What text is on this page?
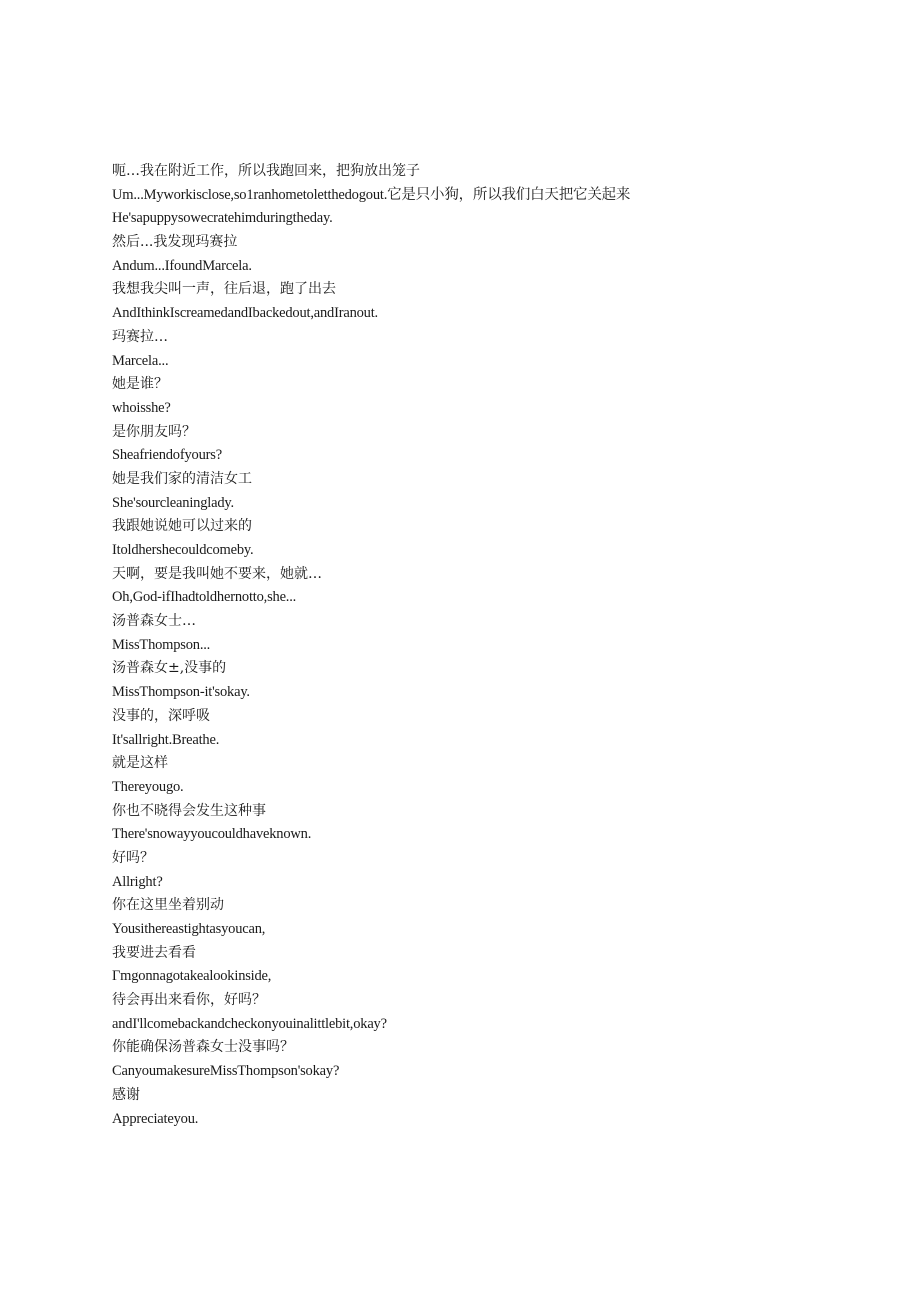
呃…我在附近工作，所以我跑回来，把狗放出笼子
Um...Myworkisclose,so1ranhometoletthedogout.它是只小狗，所以我们白天把它关起来
He'sapuppysowecratehimduringtheday.
然后...我发现玛赛拉
Andum...IfoundMarcela.
我想我尖叫一声，往后退，跑了出去
AndIthinkIscreamedandIbackedout,andIranout.
玛赛拉…
Marcela...
她是谁？
whoisshe?
是你朋友吗？
Sheafriendofyours?
她是我们家的清洁女工
She'sourcleaninglady.
我跟她说她可以过来的
Itoldhershecouldcomeby.
天啊，要是我叫她不要来，她就…
Oh,God-ifIhadtoldhernotto,she...
汤普森女士…
MissThompson...
汤普森女±,没事的
MissThompson-it'sokay.
没事的，深呼吸
It'sallright.Breathe.
就是这样
Thereyougo.
你也不晓得会发生这种事
There'snowayyoucouldhaveknown.
好吗？
Allright?
你在这里坐着别动
Yousithereastightasyoucan,
我要进去看看
Γmgonnagotakealookinside,
待会再出来看你，好吗？
andI'llcomebackandcheckonyouinalittlebit,okay?
你能确保汤普森女士没事吗？
CanyoumakesureMissThompson'sokay?
感谢
Appreciateyou.
